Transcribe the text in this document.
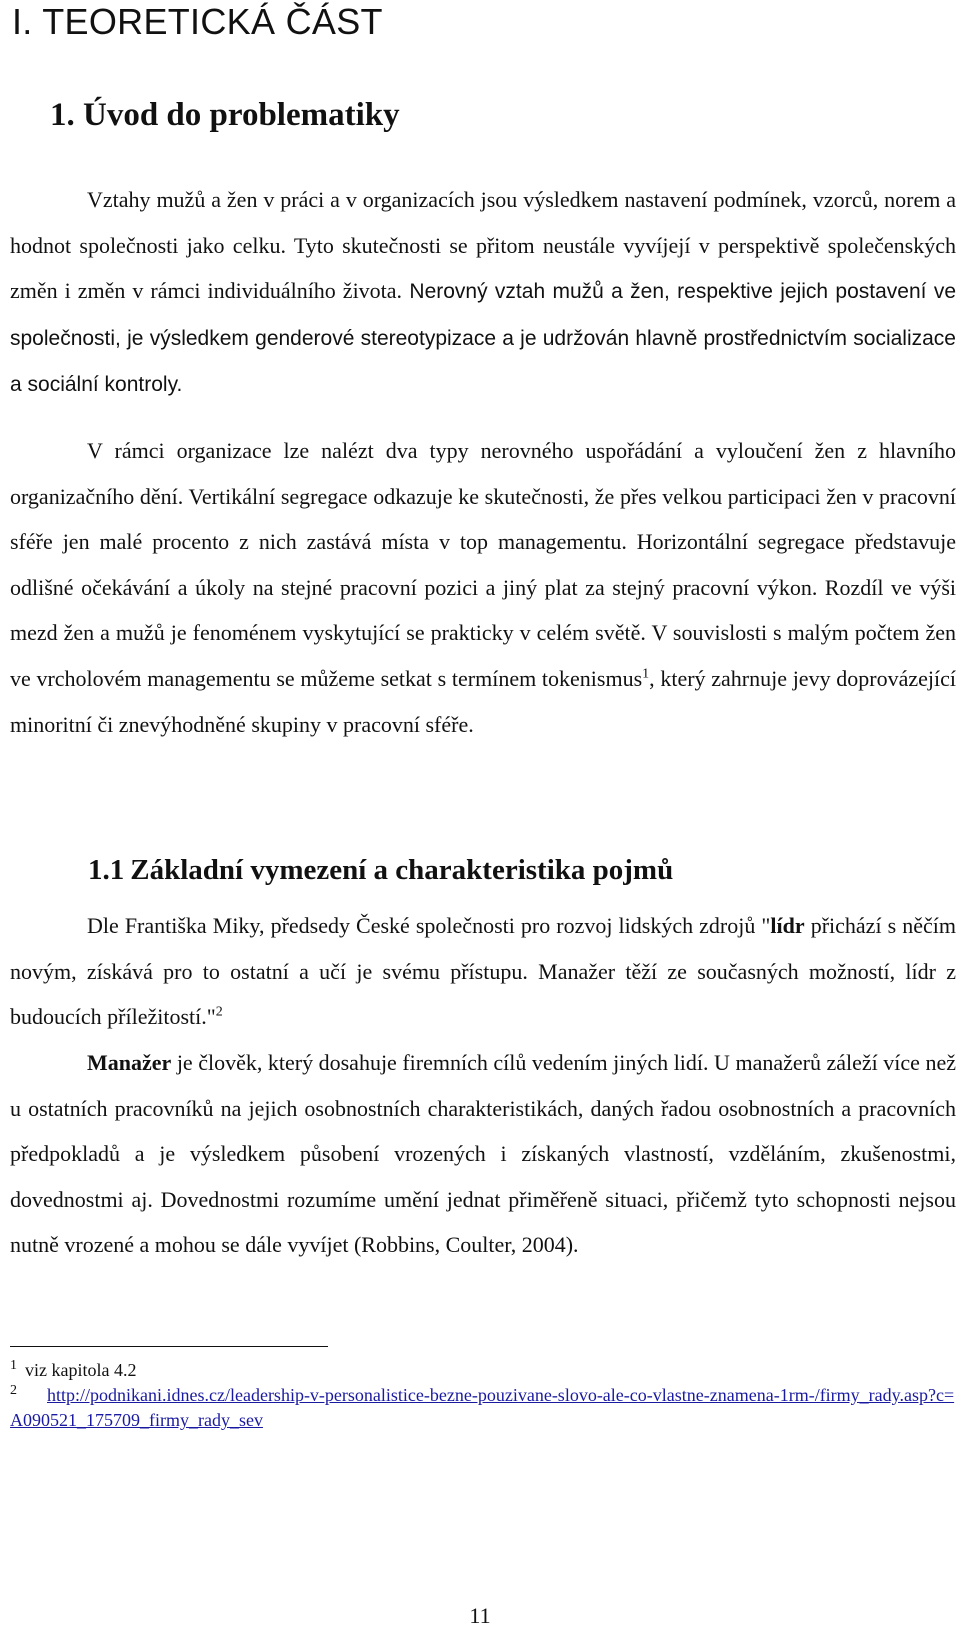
I. TEORETICKÁ ČÁST
1. Úvod do problematiky

Vztahy mužů a žen v práci a v organizacích jsou výsledkem nastavení podmínek, vzorců, norem a hodnot společnosti jako celku. Tyto skutečnosti se přitom neustále vyvíjejí v perspektivě společenských změn i změn v rámci individuálního života. Nerovný vztah mužů a žen, respektive jejich postavení ve společnosti, je výsledkem genderové stereotypizace a je udržován hlavně prostřednictvím socializace a sociální kontroly.

V rámci organizace lze nalézt dva typy nerovného uspořádání a vyloučení žen z hlavního organizačního dění. Vertikální segregace odkazuje ke skutečnosti, že přes velkou participaci žen v pracovní sféře jen malé procento z nich zastává místa v top managementu. Horizontální segregace představuje odlišné očekávání a úkoly na stejné pracovní pozici a jiný plat za stejný pracovní výkon. Rozdíl ve výši mezd žen a mužů je fenoménem vyskytující se prakticky v celém světě. V souvislosti s malým počtem žen ve vrcholovém managementu se můžeme setkat s termínem tokenismus$^1$, který zahrnuje jevy doprovázející minoritní či znevýhodněné skupiny v pracovní sféře.

1.1 Základní vymezení a charakteristika pojmů

Dle Františka Miky, předsedy České společnosti pro rozvoj lidských zdrojů "lídr přichází s něčím novým, získává pro to ostatní a učí je svému přístupu. Manažer těží ze současných možností, lídr z budoucích příležitostí."$^2$

Manažer je člověk, který dosahuje firemních cílů vedením jiných lidí. U manažerů záleží více než u ostatních pracovníků na jejich osobnostních charakteristikách, daných řadou osobnostních a pracovních předpokladů a je výsledkem působení vrozených i získaných vlastností, vzděláním, zkušenostmi, dovednostmi aj. Dovednostmi rozumíme umění jednat přiměřeně situaci, přičemž tyto schopnosti nejsou nutně vrozené a mohou se dále vyvíjet (Robbins, Coulter, 2004).

$^1$ viz kapitola 4.2

$^2$ http://podnikani.idnes.cz/leadership-v-personalistice-bezne-pouzivane-slovo-ale-co-vlastne-znamena-1rm-/firmy_rady.asp?c=A090521_175709_firmy_rady_sev

11
